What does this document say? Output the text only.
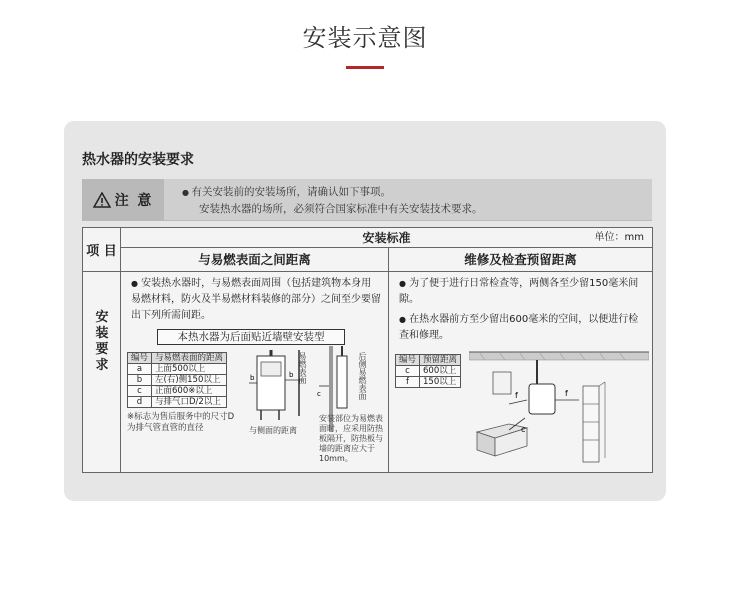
安装示意图
热水器的安装要求
注 意
● 有关安装前的安装场所，请确认如下事项。
安装热水器的场所，必须符合国家标准中有关安装技术要求。
项 目
安
装
要
求
安装标准	单位：mm
与易燃表面之间距离	维修及检查预留距离
● 安装热水器时，与易燃表面周围（包括建筑物本身用易燃材料，防火及半易燃材料装修的部分）之间至少要留出下列所需间距。
本热水器为后面贴近墙壁安装型
编号	与易燃表面的距离
a	上面500以上
b	左(右)侧150以上
c	正面600※以上
d	与排气口D/2以上
※标志为售后服务中的尺寸D为排气管直管的直径
b	b
与侧面的距离
易燃表面
c	后侧易燃表面
安装部位为易燃表面时，应采用防热板隔开，防热板与墙的距离应大于10mm。
● 为了便于进行日常检查等，两侧各至少留150毫米间隙。
● 在热水器前方至少留出600毫米的空间，以便进行检查和修理。
编号	预留距离
c	600以上
f	150以上
f	f
c
